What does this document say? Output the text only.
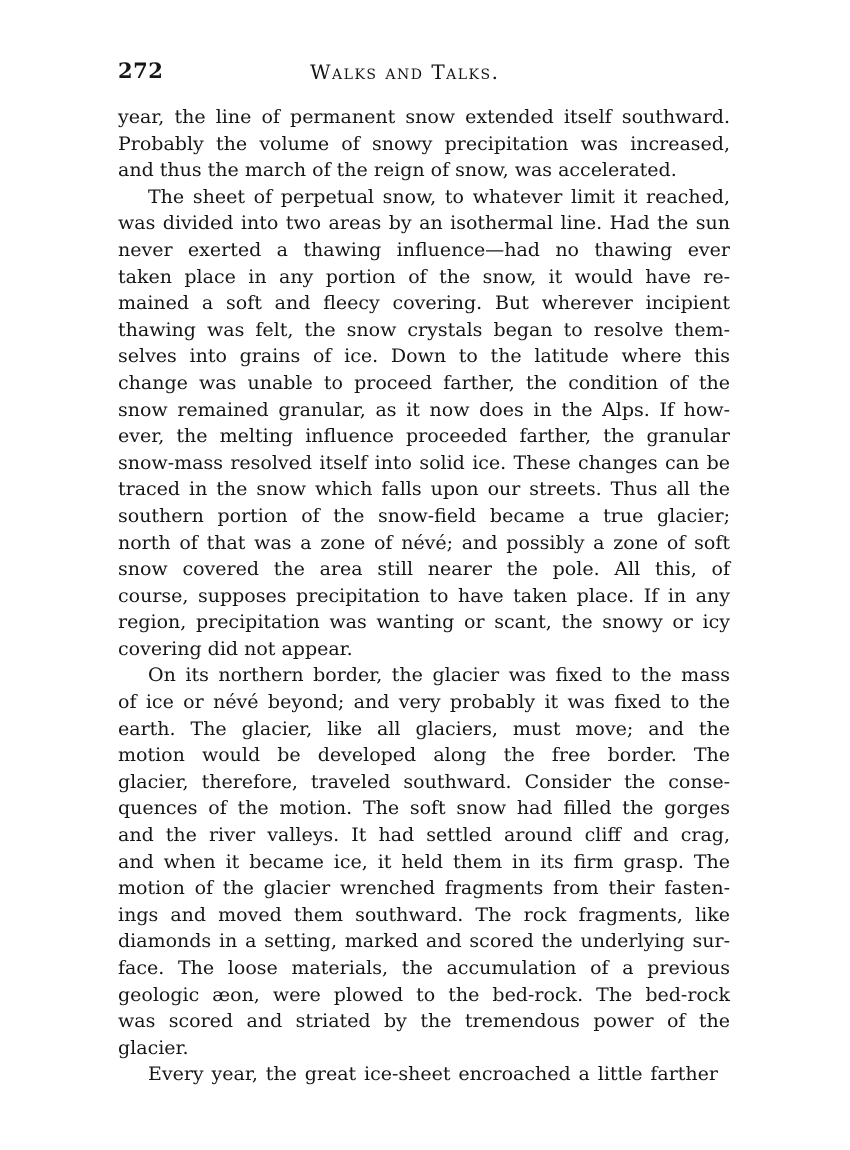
272	Walks and Talks.
year, the line of permanent snow extended itself southward.
Probably the volume of snowy precipitation was increased,
and thus the march of the reign of snow, was accelerated.
The sheet of perpetual snow, to whatever limit it reached,
was divided into two areas by an isothermal line. Had the sun
never exerted a thawing influence—had no thawing ever
taken place in any portion of the snow, it would have re-
mained a soft and fleecy covering. But wherever incipient
thawing was felt, the snow crystals began to resolve them-
selves into grains of ice. Down to the latitude where this
change was unable to proceed farther, the condition of the
snow remained granular, as it now does in the Alps. If how-
ever, the melting influence proceeded farther, the granular
snow-mass resolved itself into solid ice. These changes can be
traced in the snow which falls upon our streets. Thus all the
southern portion of the snow-field became a true glacier;
north of that was a zone of névé; and possibly a zone of soft
snow covered the area still nearer the pole. All this, of
course, supposes precipitation to have taken place. If in any
region, precipitation was wanting or scant, the snowy or icy
covering did not appear.
On its northern border, the glacier was fixed to the mass
of ice or névé beyond; and very probably it was fixed to the
earth. The glacier, like all glaciers, must move; and the
motion would be developed along the free border. The
glacier, therefore, traveled southward. Consider the conse-
quences of the motion. The soft snow had filled the gorges
and the river valleys. It had settled around cliff and crag,
and when it became ice, it held them in its firm grasp. The
motion of the glacier wrenched fragments from their fasten-
ings and moved them southward. The rock fragments, like
diamonds in a setting, marked and scored the underlying sur-
face. The loose materials, the accumulation of a previous
geologic æon, were plowed to the bed-rock. The bed-rock
was scored and striated by the tremendous power of the
glacier.
Every year, the great ice-sheet encroached a little farther
